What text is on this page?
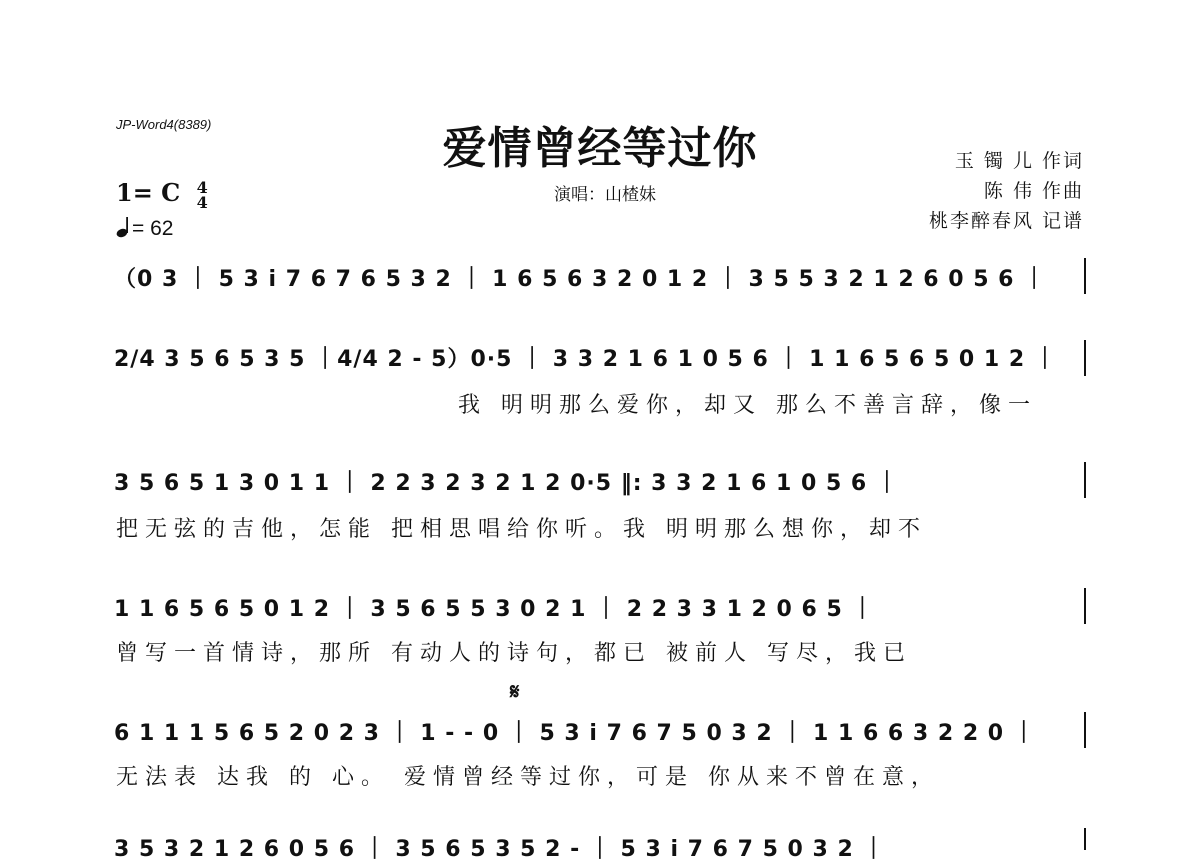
JP-Word4(8389)	爱情曾经等过你
演唱：山楂妹
玉 镯 儿 作词
陈 伟 作曲
桃李醉春风 记谱
1= C 4
4
= 62
（0 3 ｜ 5 3 i 7 6 7 6 5 3 2 ｜ 1 6 5 6 3 2 0 1 2 ｜ 3 5 5 3 2 1 2 6 0 5 6 ｜
2/4 3 5 6 5 3 5 ｜4/4 2 - 5）0·5 ｜ 3 3 2 1 6 1 0 5 6 ｜ 1 1 6 5 6 5 0 1 2 ｜
我 明明那么爱你，却又 那么不善言辞，像一
3 5 6 5 1 3 0 1 1 ｜ 2 2 3 2 3 2 1 2 0·5 ‖: 3 3 2 1 6 1 0 5 6 ｜
把无弦的吉他，怎能 把相思唱给你听。我 明明那么想你，却不
1 1 6 5 6 5 0 1 2 ｜ 3 5 6 5 5 3 0 2 1 ｜ 2 2 3 3 1 2 0 6 5 ｜
曾写一首情诗，那所 有动人的诗句，都已 被前人 写尽，我已
𝄋
6 1 1 1 5 6 5 2 0 2 3 ｜ 1 - - 0 ｜ 5 3 i 7 6 7 5 0 3 2 ｜ 1 1 6 6 3 2 2 0 ｜
无法表 达我 的 心。 爱情曾经等过你，可是 你从来不曾在意，
3 5 3 2 1 2 6 0 5 6 ｜ 3 5 6 5 3 5 2 - ｜ 5 3 i 7 6 7 5 0 3 2 ｜
